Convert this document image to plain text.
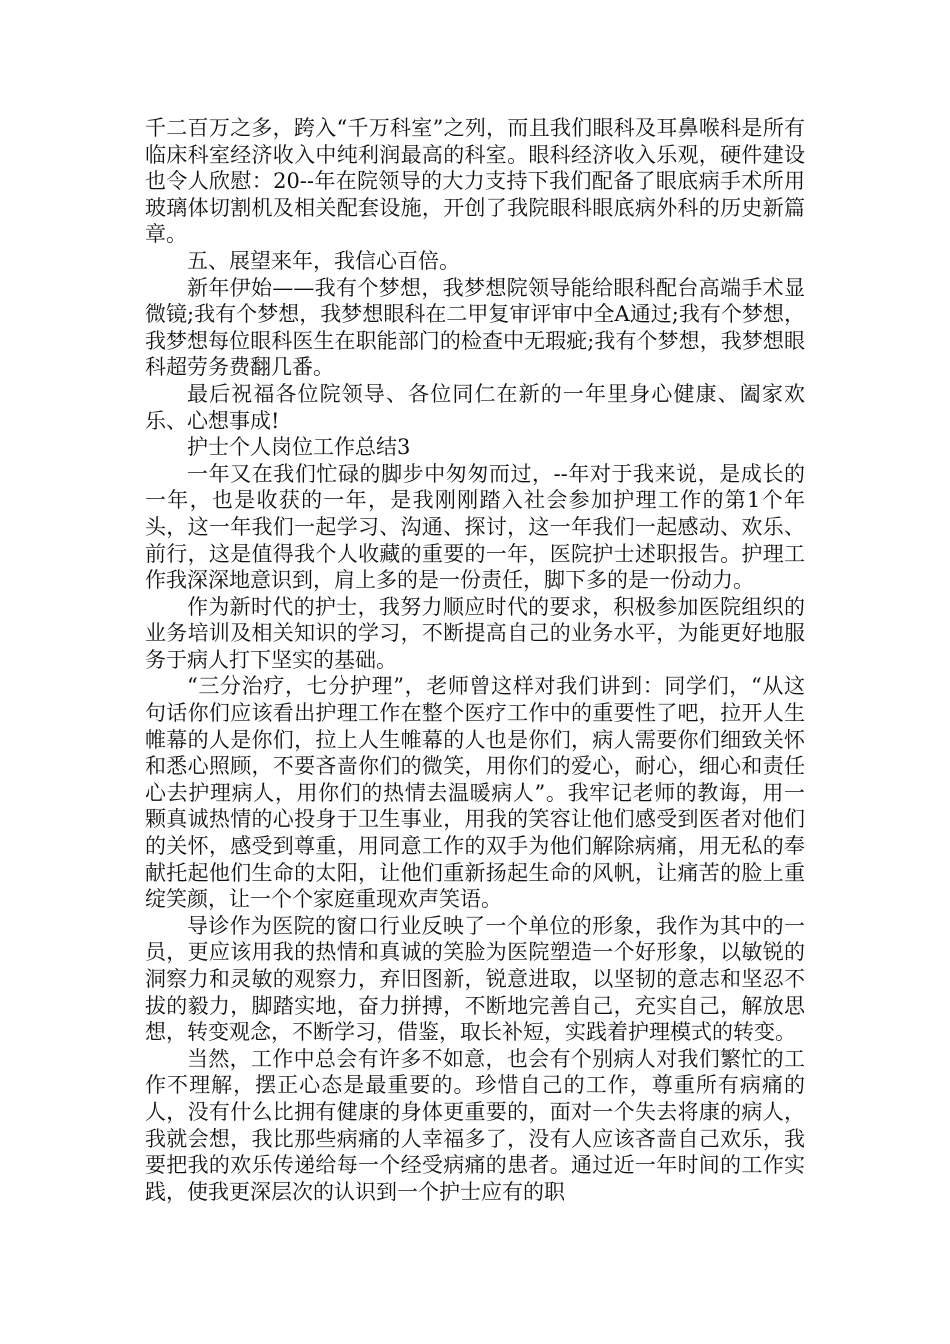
千二百万之多，跨入“千万科室”之列，而且我们眼科及耳鼻喉科是所有临床科室经济收入中纯利润最高的科室。眼科经济收入乐观，硬件建设也令人欣慰：20--年在院领导的大力支持下我们配备了眼底病手术所用玻璃体切割机及相关配套设施，开创了我院眼科眼底病外科的历史新篇章。

五、展望来年，我信心百倍。

新年伊始——我有个梦想，我梦想院领导能给眼科配台高端手术显微镜;我有个梦想，我梦想眼科在二甲复审评审中全A通过;我有个梦想，我梦想每位眼科医生在职能部门的检查中无瑕疵;我有个梦想，我梦想眼科超劳务费翻几番。

最后祝福各位院领导、各位同仁在新的一年里身心健康、阖家欢乐、心想事成!

护士个人岗位工作总结3

一年又在我们忙碌的脚步中匆匆而过，--年对于我来说，是成长的一年，也是收获的一年，是我刚刚踏入社会参加护理工作的第1个年头，这一年我们一起学习、沟通、探讨，这一年我们一起感动、欢乐、前行，这是值得我个人收藏的重要的一年，医院护士述职报告。护理工作我深深地意识到，肩上多的是一份责任，脚下多的是一份动力。

作为新时代的护士，我努力顺应时代的要求，积极参加医院组织的业务培训及相关知识的学习，不断提高自己的业务水平，为能更好地服务于病人打下坚实的基础。

“三分治疗，七分护理”，老师曾这样对我们讲到：同学们，“从这句话你们应该看出护理工作在整个医疗工作中的重要性了吧，拉开人生帷幕的人是你们，拉上人生帷幕的人也是你们，病人需要你们细致关怀和悉心照顾，不要吝啬你们的微笑，用你们的爱心，耐心，细心和责任心去护理病人，用你们的热情去温暖病人”。我牢记老师的教诲，用一颗真诚热情的心投身于卫生事业，用我的笑容让他们感受到医者对他们的关怀，感受到尊重，用同意工作的双手为他们解除病痛，用无私的奉献托起他们生命的太阳，让他们重新扬起生命的风帆，让痛苦的脸上重绽笑颜，让一个个家庭重现欢声笑语。

导诊作为医院的窗口行业反映了一个单位的形象，我作为其中的一员，更应该用我的热情和真诚的笑脸为医院塑造一个好形象，以敏锐的洞察力和灵敏的观察力，弃旧图新，锐意进取，以坚韧的意志和坚忍不拔的毅力，脚踏实地，奋力拼搏，不断地完善自己，充实自己，解放思想，转变观念，不断学习，借鉴，取长补短，实践着护理模式的转变。

当然，工作中总会有许多不如意，也会有个别病人对我们繁忙的工作不理解，摆正心态是最重要的。珍惜自己的工作，尊重所有病痛的人，没有什么比拥有健康的身体更重要的，面对一个失去将康的病人，我就会想，我比那些病痛的人幸福多了，没有人应该吝啬自己欢乐，我要把我的欢乐传递给每一个经受病痛的患者。通过近一年时间的工作实践，使我更深层次的认识到一个护士应有的职
